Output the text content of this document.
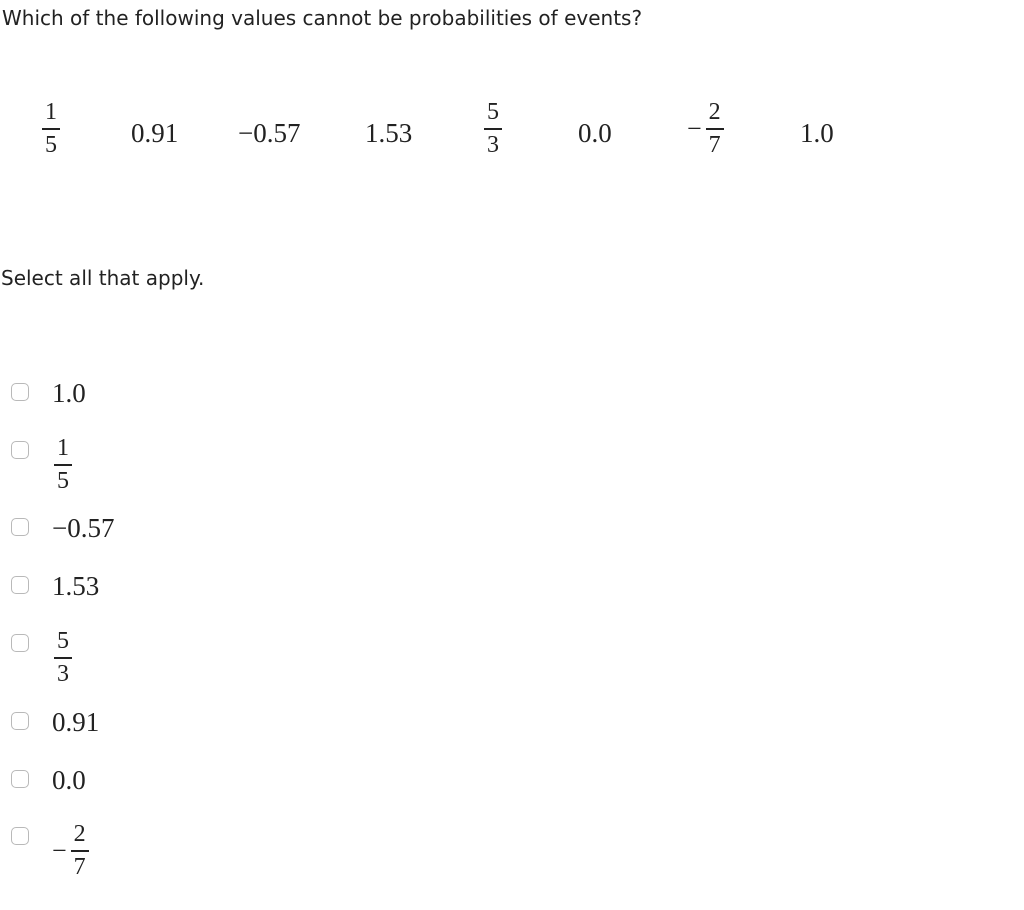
Which of the following values cannot be probabilities of events?
$\frac{1}{5}$	0.91 −0.57 1.53	$\frac{5}{3}$	0.0	− $\frac{2}{7}$	1.0
Select all that apply.
1.0
$\frac{1}{5}$
−0.57
1.53
$\frac{5}{3}$
0.91
0.0
− $\frac{2}{7}$
